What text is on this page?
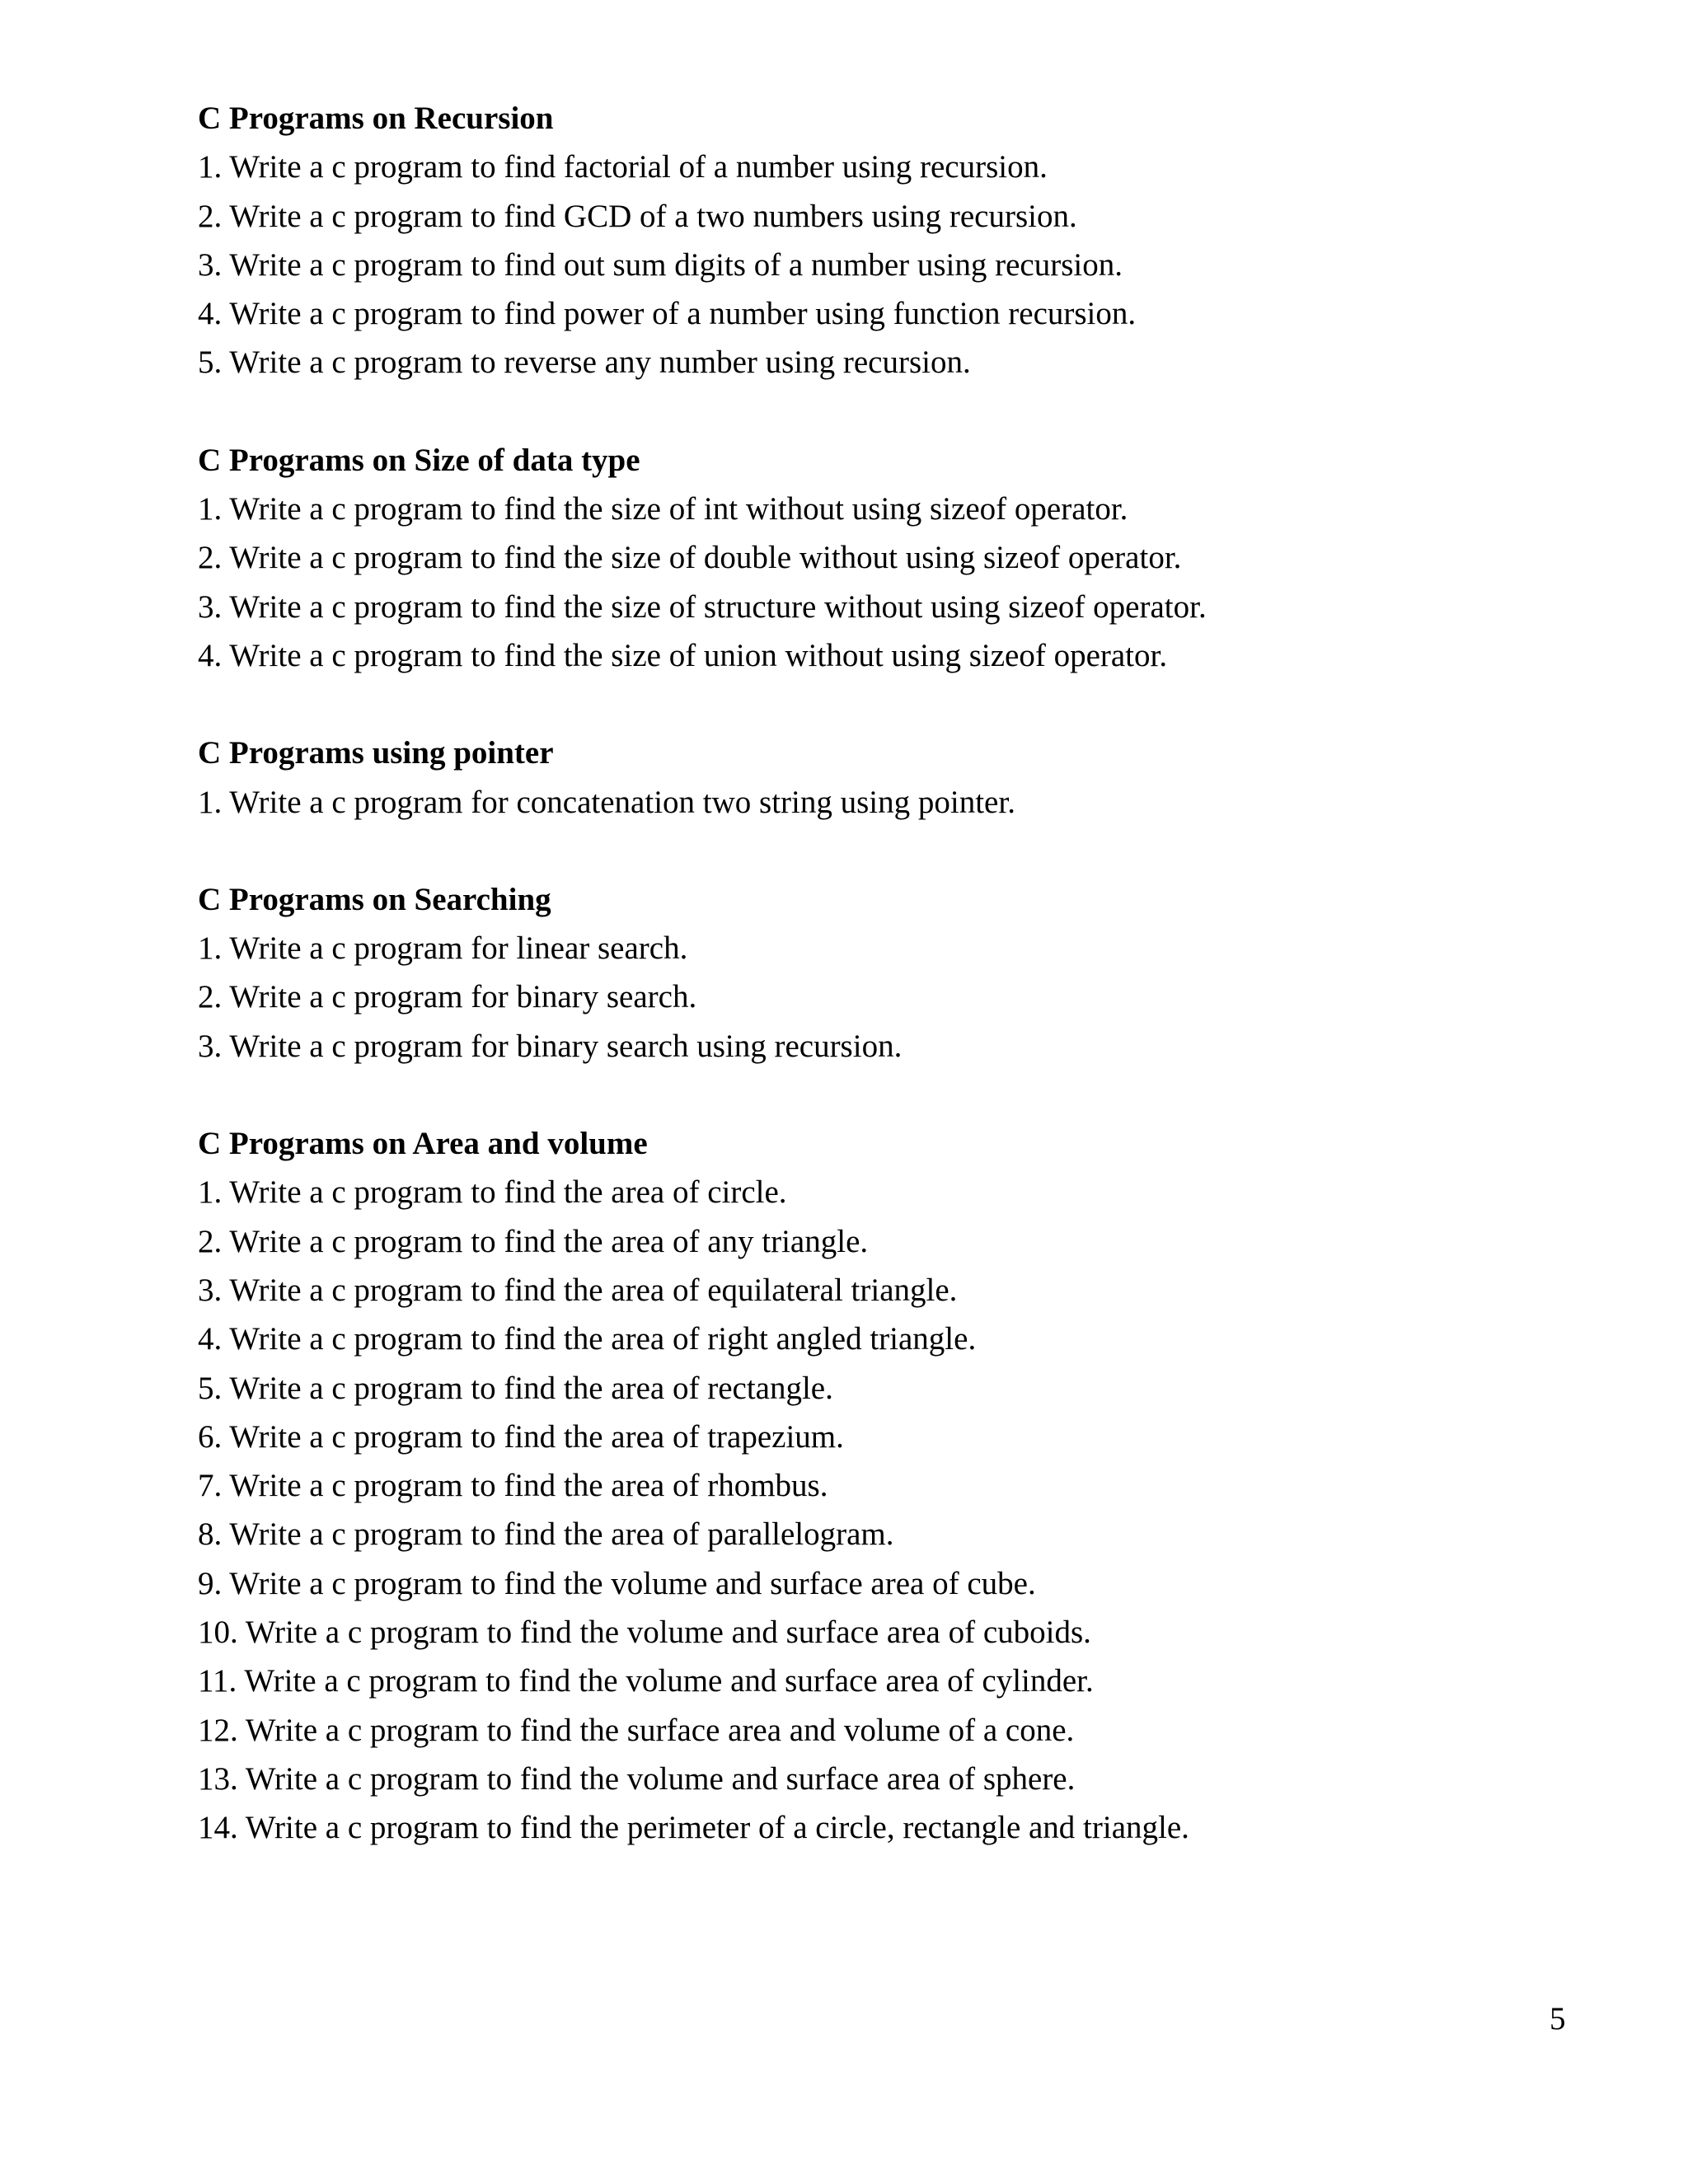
C Programs on Recursion
1. Write a c program to find factorial of a number using recursion.
2. Write a c program to find GCD of a two numbers using recursion.
3. Write a c program to find out sum digits of a number using recursion.
4. Write a c program to find power of a number using function recursion.
5. Write a c program to reverse any number using recursion.
C Programs on Size of data type
1. Write a c program to find the size of int without using sizeof operator.
2. Write a c program to find the size of double without using sizeof operator.
3. Write a c program to find the size of structure without using sizeof operator.
4. Write a c program to find the size of union without using sizeof operator.
C Programs using pointer
1. Write a c program for concatenation two string using pointer.
C Programs on Searching
1. Write a c program for linear search.
2. Write a c program for binary search.
3. Write a c program for binary search using recursion.
C Programs on Area and volume
1. Write a c program to find the area of circle.
2. Write a c program to find the area of any triangle.
3. Write a c program to find the area of equilateral triangle.
4. Write a c program to find the area of right angled triangle.
5. Write a c program to find the area of rectangle.
6. Write a c program to find the area of trapezium.
7. Write a c program to find the area of rhombus.
8. Write a c program to find the area of parallelogram.
9. Write a c program to find the volume and surface area of cube.
10. Write a c program to find the volume and surface area of cuboids.
11. Write a c program to find the volume and surface area of cylinder.
12. Write a c program to find the surface area and volume of a cone.
13. Write a c program to find the volume and surface area of sphere.
14. Write a c program to find the perimeter of a circle, rectangle and triangle.
5
